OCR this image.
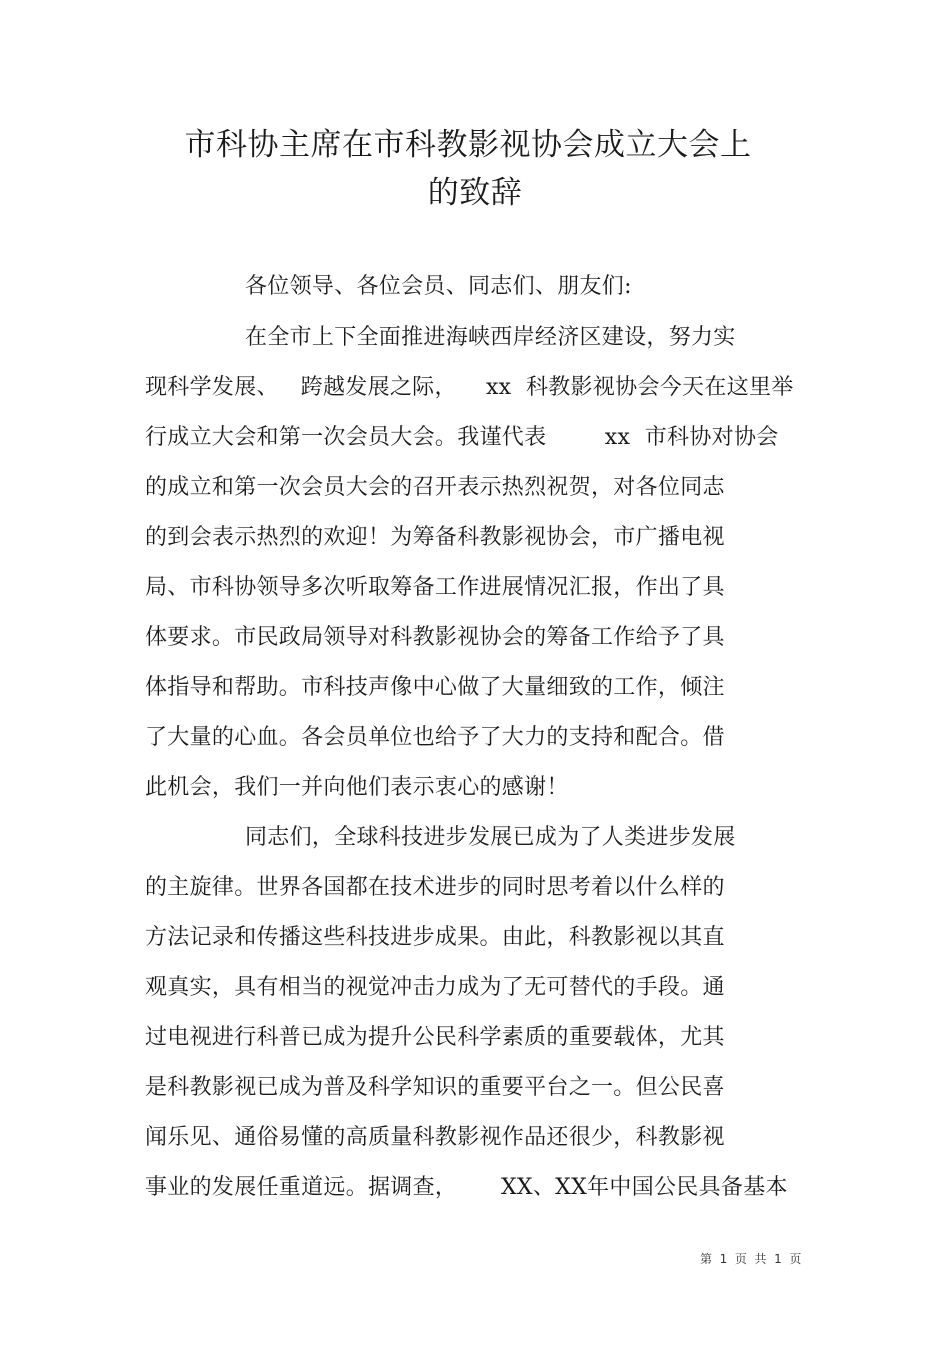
市科协主席在市科教影视协会成立大会上
的致辞
各位领导、各位会员、同志们、朋友们:
在全市上下全面推进海峡西岸经济区建设，努力实
现科学发展、   跨越发展之际，    xx  科教影视协会今天在这里举
行成立大会和第一次会员大会。我谨代表        xx  市科协对协会
的成立和第一次会员大会的召开表示热烈祝贺，对各位同志
的到会表示热烈的欢迎！为筹备科教影视协会，市广播电视
局、市科协领导多次听取筹备工作进展情况汇报，作出了具
体要求。市民政局领导对科教影视协会的筹备工作给予了具
体指导和帮助。市科技声像中心做了大量细致的工作，倾注
了大量的心血。各会员单位也给予了大力的支持和配合。借
此机会，我们一并向他们表示衷心的感谢！
同志们，全球科技进步发展已成为了人类进步发展
的主旋律。世界各国都在技术进步的同时思考着以什么样的
方法记录和传播这些科技进步成果。由此，科教影视以其直
观真实，具有相当的视觉冲击力成为了无可替代的手段。通
过电视进行科普已成为提升公民科学素质的重要载体，尤其
是科教影视已成为普及科学知识的重要平台之一。但公民喜
闻乐见、通俗易懂的高质量科教影视作品还很少，科教影视
事业的发展任重道远。据调查，      XX、XX年中国公民具备基本
第  1  页  共  1  页
